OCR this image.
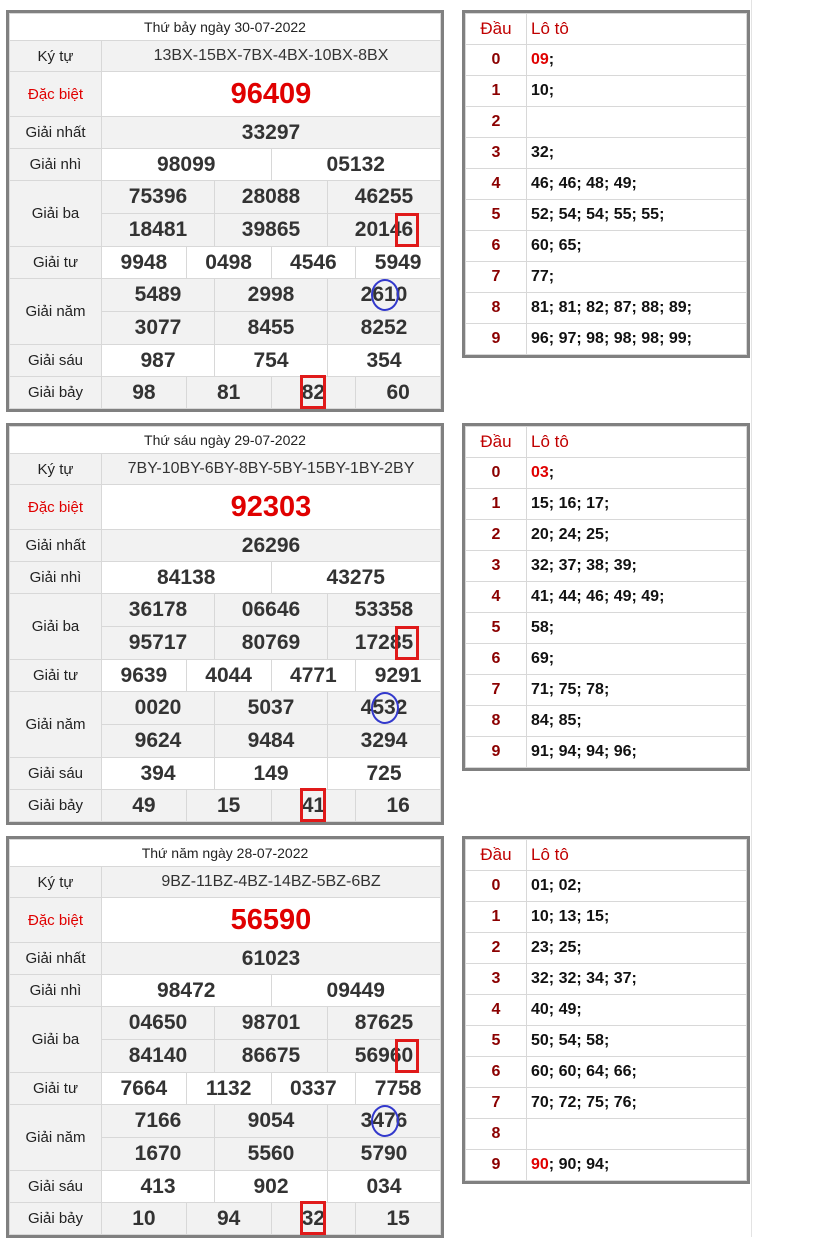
Thứ bảy ngày 30-07-2022						
Ký tự	13BX-15BX-7BX-4BX-10BX-8BX					
Đặc biệt	96409					
Giải nhất	33297					
Giải nhì	98099			05132		
Giải ba	75396		28088		46255	
	18481		39865		20146	
Giải tư	9948	0498		4546		5949
Giải năm	5489		2998		2610	
	3077		8455		8252	
Giải sáu	987		754		354	
Giải bảy	98	81		82		60
Đầu	Lô tô
0	09;
1	10;
2	
3	32;
4	46; 46; 48; 49;
5	52; 54; 54; 55; 55;
6	60; 65;
7	77;
8	81; 81; 82; 87; 88; 89;
9	96; 97; 98; 98; 98; 99;
Thứ sáu ngày 29-07-2022						
Ký tự	7BY-10BY-6BY-8BY-5BY-15BY-1BY-2BY					
Đặc biệt	92303					
Giải nhất	26296					
Giải nhì	84138			43275		
Giải ba	36178		06646		53358	
	95717		80769		17285	
Giải tư	9639	4044		4771		9291
Giải năm	0020		5037		4532	
	9624		9484		3294	
Giải sáu	394		149		725	
Giải bảy	49	15		41		16
Đầu	Lô tô
0	03;
1	15; 16; 17;
2	20; 24; 25;
3	32; 37; 38; 39;
4	41; 44; 46; 49; 49;
5	58;
6	69;
7	71; 75; 78;
8	84; 85;
9	91; 94; 94; 96;
Thứ năm ngày 28-07-2022						
Ký tự	9BZ-11BZ-4BZ-14BZ-5BZ-6BZ					
Đặc biệt	56590					
Giải nhất	61023					
Giải nhì	98472			09449		
Giải ba	04650		98701		87625	
	84140		86675		56960	
Giải tư	7664	1132		0337		7758
Giải năm	7166		9054		3476	
	1670		5560		5790	
Giải sáu	413		902		034	
Giải bảy	10	94		32		15
Đầu	Lô tô
0	01; 02;
1	10; 13; 15;
2	23; 25;
3	32; 32; 34; 37;
4	40; 49;
5	50; 54; 58;
6	60; 60; 64; 66;
7	70; 72; 75; 76;
8	
9	90; 90; 94;
